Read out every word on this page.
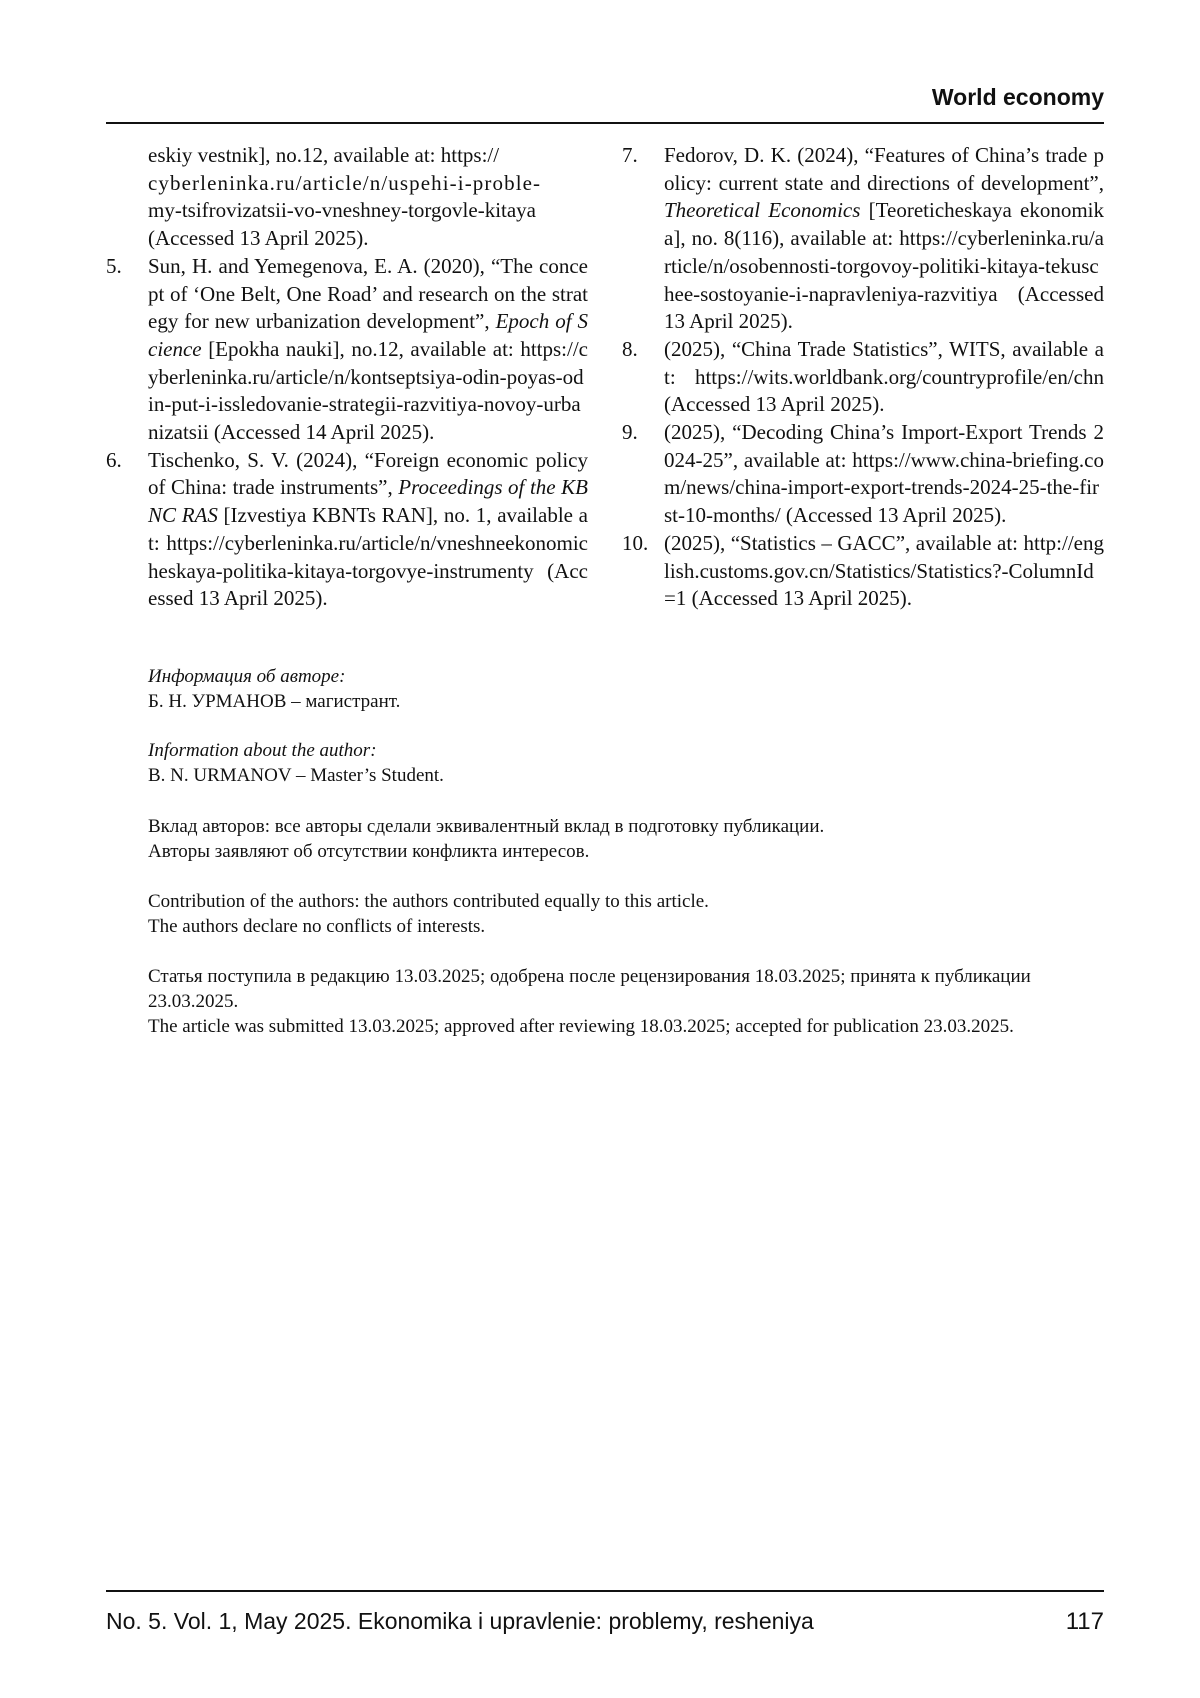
World economy
eskiy vestnik], no.12, available at: https://
cyberleninka.ru/article/n/uspehi-i-proble-
my-tsifrovizatsii-vo-vneshney-torgovle-kitaya
(Accessed 13 April 2025).
5.	Sun, H. and Yemegenova, E. A. (2020), “The concept of ‘One Belt, One Road’ and research on the strategy for new urbanization development”, Epoch of Science [Epokha nauki], no.12, available at: https://cyberleninka.ru/article/n/kontseptsiya-odin-poyas-odin-put-i-issledovanie-strategii-razvitiya-novoy-urbanizatsii (Accessed 14 April 2025).
6.	Tischenko, S. V. (2024), “Foreign economic policy of China: trade instruments”, Proceedings of the KBNC RAS [Izvestiya KBNTs RAN], no. 1, available at: https://cyberleninka.ru/article/n/vneshneekonomicheskaya-politika-kitaya-torgovye-instrumenty (Accessed 13 April 2025).
7.	Fedorov, D. K. (2024), “Features of China’s trade policy: current state and directions of development”, Theoretical Economics [Teoreticheskaya ekonomika], no. 8(116), available at: https://cyberleninka.ru/article/n/osobennosti-torgovoy-politiki-kitaya-tekuschee-sostoyanie-i-napravleniya-razvitiya (Accessed 13 April 2025).
8.	(2025), “China Trade Statistics”, WITS, available at: https://wits.worldbank.org/countryprofile/en/chn (Accessed 13 April 2025).
9.	(2025), “Decoding China’s Import-Export Trends 2024-25”, available at: https://www.china-briefing.com/news/china-import-export-trends-2024-25-the-first-10-months/ (Accessed 13 April 2025).
10. (2025), “Statistics – GACC”, available at: http://english.customs.gov.cn/Statistics/Statistics?-ColumnId=1 (Accessed 13 April 2025).
Информация об авторе:
Б. Н. УРМАНОВ – магистрант.
Information about the author:
B. N. URMANOV – Master’s Student.
Вклад авторов: все авторы сделали эквивалентный вклад в подготовку публикации.
Авторы заявляют об отсутствии конфликта интересов.
Contribution of the authors: the authors contributed equally to this article.
The authors declare no conflicts of interests.
Статья поступила в редакцию 13.03.2025; одобрена после рецензирования 18.03.2025; принята к публикации 23.03.2025.
The article was submitted 13.03.2025; approved after reviewing 18.03.2025; accepted for publication 23.03.2025.
No. 5. Vol. 1, May 2025. Ekonomika i upravlenie: problemy, resheniya	117
